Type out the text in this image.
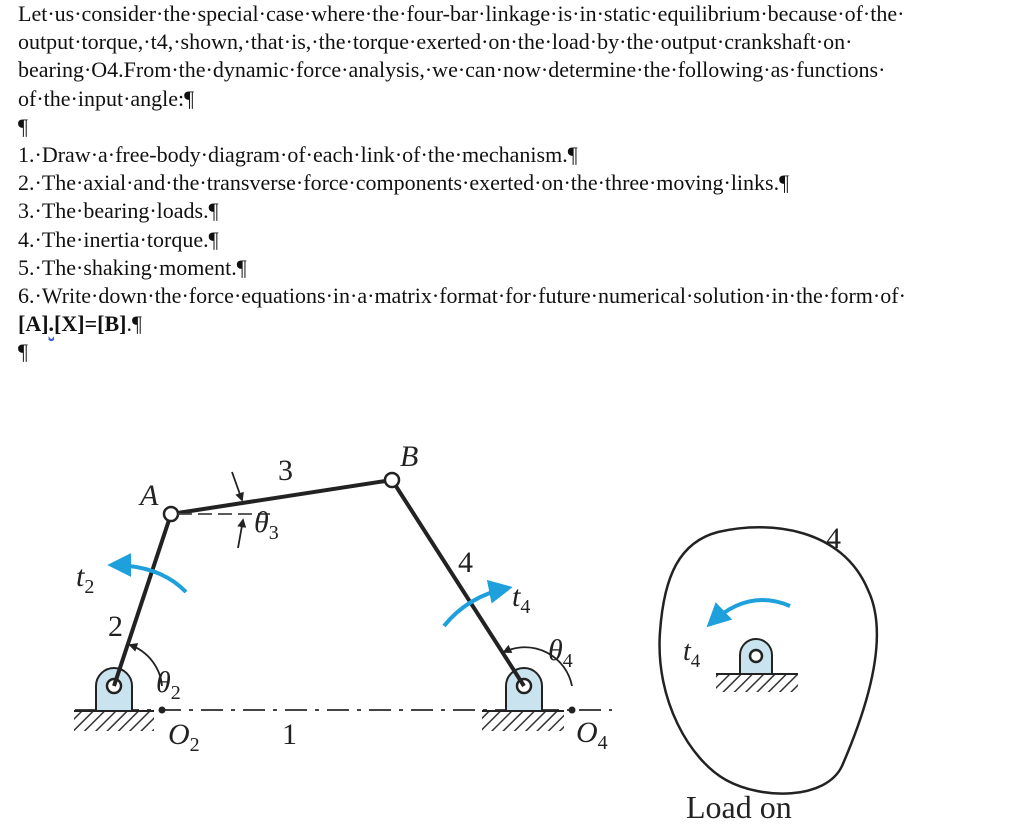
Let·us·consider·the·special·case·where·the·four-bar·linkage·is·in·static·equilibrium·because·of·the·
output·torque,·t4,·shown,·that·is,·the·torque·exerted·on·the·load·by·the·output·crankshaft·on·
bearing·O4.From·the·dynamic·force·analysis,·we·can·now·determine·the·following·as·functions·
of·the·input·angle:¶
¶
1.·Draw·a·free-body·diagram·of·each·link·of·the·mechanism.¶
2.·The·axial·and·the·transverse·force·components·exerted·on·the·three·moving·links.¶
3.·The·bearing·loads.¶
4.·The·inertia·torque.¶
5.·The·shaking·moment.¶
6.·Write·down·the·force·equations·in·a·matrix·format·for·future·numerical·solution·in·the·form·of·
[A].[X]=[B].¶
¶
A
B
3
$\theta_3$
$t_2$
2
$\theta_2$
$O_2$	1
4
$t_4$
$\theta_4$
$O_4$
4
$t_4$
Load on
